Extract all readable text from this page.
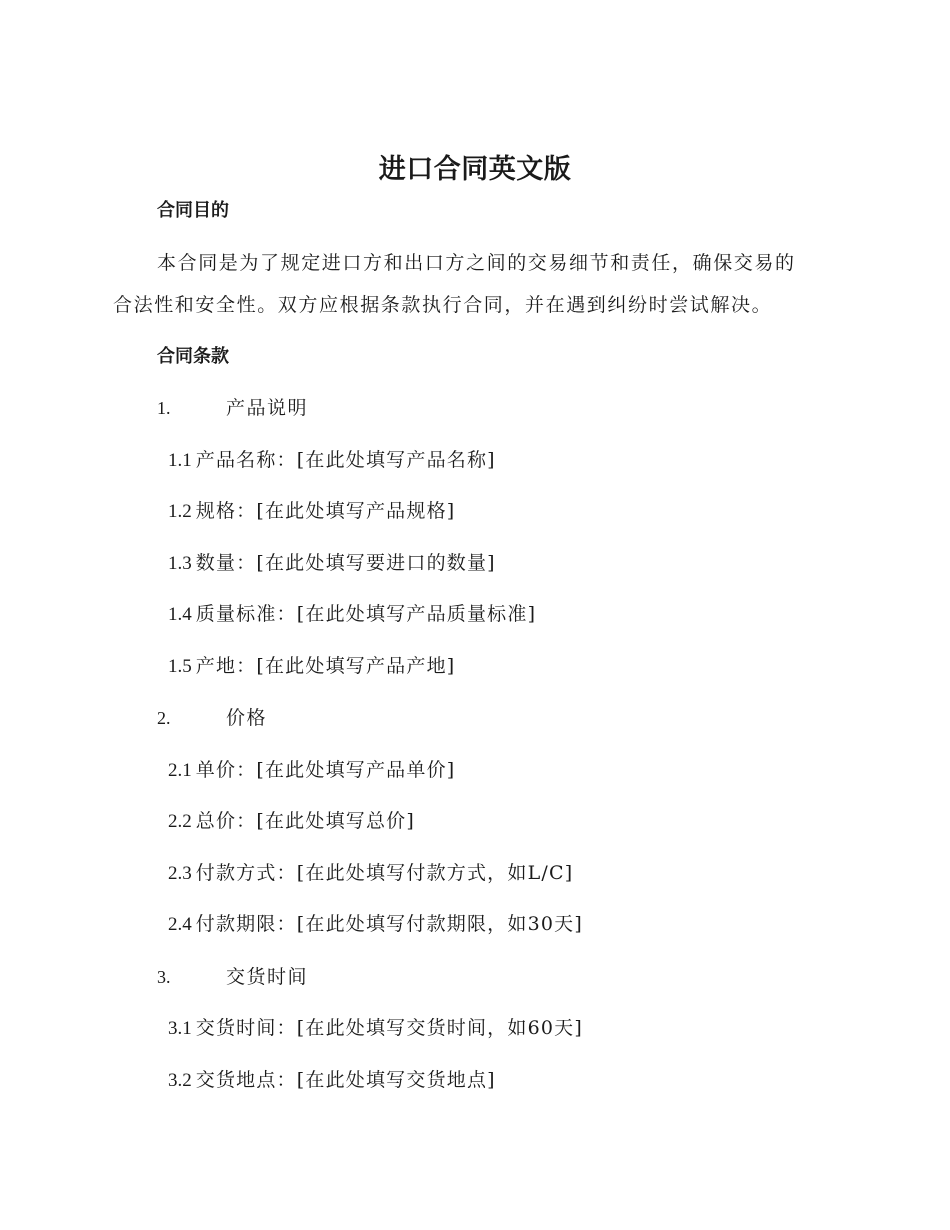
进口合同英文版
合同目的
本合同是为了规定进口方和出口方之间的交易细节和责任，确保交易的
合法性和安全性。双方应根据条款执行合同，并在遇到纠纷时尝试解决。
合同条款
1.	产品说明
1.1 产品名称：[在此处填写产品名称]
1.2 规格：[在此处填写产品规格]
1.3 数量：[在此处填写要进口的数量]
1.4 质量标准：[在此处填写产品质量标准]
1.5 产地：[在此处填写产品产地]
2.	价格
2.1 单价：[在此处填写产品单价]
2.2 总价：[在此处填写总价]
2.3 付款方式：[在此处填写付款方式，如L/C]
2.4 付款期限：[在此处填写付款期限，如30天]
3.	交货时间
3.1 交货时间：[在此处填写交货时间，如60天]
3.2 交货地点：[在此处填写交货地点]
